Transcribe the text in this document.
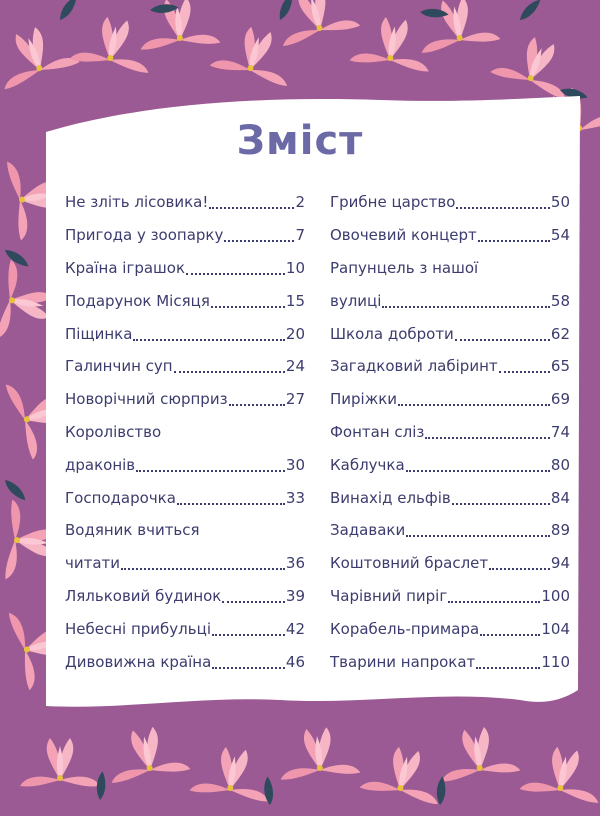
Зміст
Не зліть лісовика!	2
Пригода у зоопарку	7
Країна іграшок	10
Подарунок Місяця	15
Піщинка	20
Галинчин суп	24
Новорічний сюрприз	27
Королівство
драконів	30
Господарочка	33
Водяник вчиться
читати	36
Ляльковий будинок	39
Небесні прибульці	42
Дивовижна країна	46
Грибне царство	50
Овочевий концерт	54
Рапунцель з нашої
вулиці	58
Школа доброти	62
Загадковий лабіринт	65
Пиріжки	69
Фонтан сліз	74
Каблучка	80
Винахід ельфів	84
Задаваки	89
Коштовний браслет	94
Чарівний пиріг	100
Корабель-примара	104
Тварини напрокат	110
